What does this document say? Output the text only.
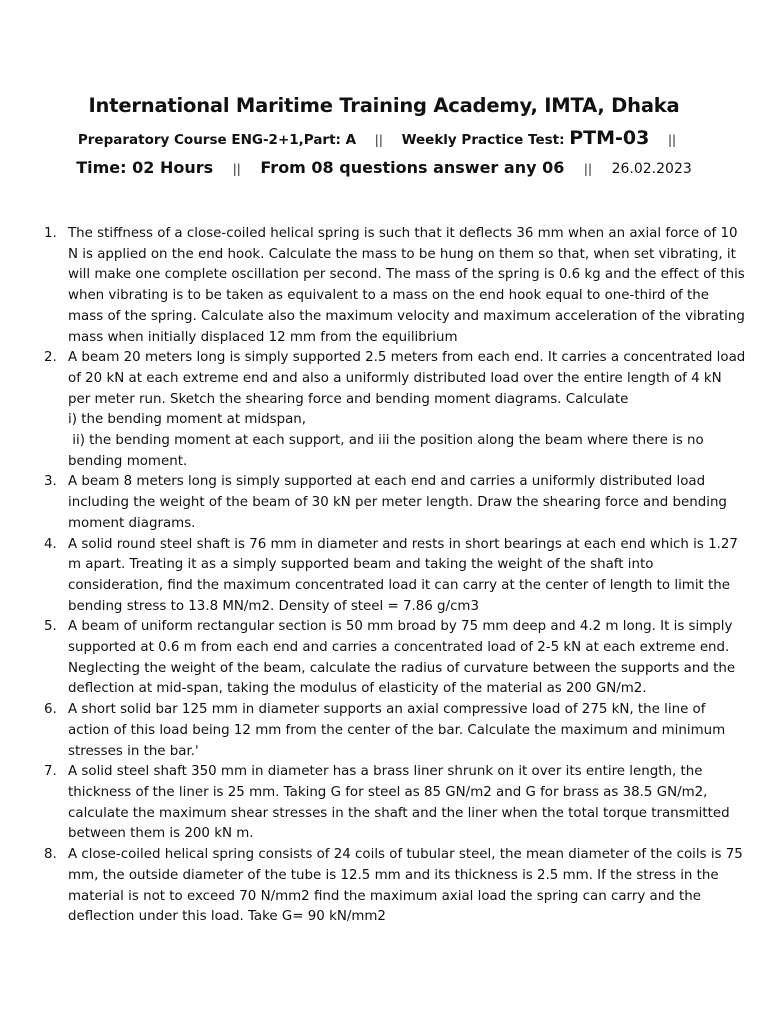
International Maritime Training Academy, IMTA, Dhaka
Preparatory Course ENG-2+1,Part: A || Weekly Practice Test: PTM-03 ||
Time: 02 Hours || From 08 questions answer any 06 || 26.02.2023
1. The stiffness of a close-coiled helical spring is such that it deflects 36 mm when an axial force of 10 N is applied on the end hook. Calculate the mass to be hung on them so that, when set vibrating, it will make one complete oscillation per second. The mass of the spring is 0.6 kg and the effect of this when vibrating is to be taken as equivalent to a mass on the end hook equal to one-third of the mass of the spring. Calculate also the maximum velocity and maximum acceleration of the vibrating mass when initially displaced 12 mm from the equilibrium
2. A beam 20 meters long is simply supported 2.5 meters from each end. It carries a concentrated load of 20 kN at each extreme end and also a uniformly distributed load over the entire length of 4 kN per meter run. Sketch the shearing force and bending moment diagrams. Calculate
i) the bending moment at midspan,
ii) the bending moment at each support, and iii the position along the beam where there is no bending moment.
3. A beam 8 meters long is simply supported at each end and carries a uniformly distributed load including the weight of the beam of 30 kN per meter length. Draw the shearing force and bending moment diagrams.
4. A solid round steel shaft is 76 mm in diameter and rests in short bearings at each end which is 1.27 m apart. Treating it as a simply supported beam and taking the weight of the shaft into consideration, find the maximum concentrated load it can carry at the center of length to limit the bending stress to 13.8 MN/m2. Density of steel = 7.86 g/cm3
5. A beam of uniform rectangular section is 50 mm broad by 75 mm deep and 4.2 m long. It is simply supported at 0.6 m from each end and carries a concentrated load of 2-5 kN at each extreme end. Neglecting the weight of the beam, calculate the radius of curvature between the supports and the deflection at mid-span, taking the modulus of elasticity of the material as 200 GN/m2.
6. A short solid bar 125 mm in diameter supports an axial compressive load of 275 kN, the line of action of this load being 12 mm from the center of the bar. Calculate the maximum and minimum stresses in the bar.'
7. A solid steel shaft 350 mm in diameter has a brass liner shrunk on it over its entire length, the thickness of the liner is 25 mm. Taking G for steel as 85 GN/m2 and G for brass as 38.5 GN/m2, calculate the maximum shear stresses in the shaft and the liner when the total torque transmitted between them is 200 kN m.
8. A close-coiled helical spring consists of 24 coils of tubular steel, the mean diameter of the coils is 75 mm, the outside diameter of the tube is 12.5 mm and its thickness is 2.5 mm. If the stress in the material is not to exceed 70 N/mm2 find the maximum axial load the spring can carry and the deflection under this load. Take G= 90 kN/mm2
